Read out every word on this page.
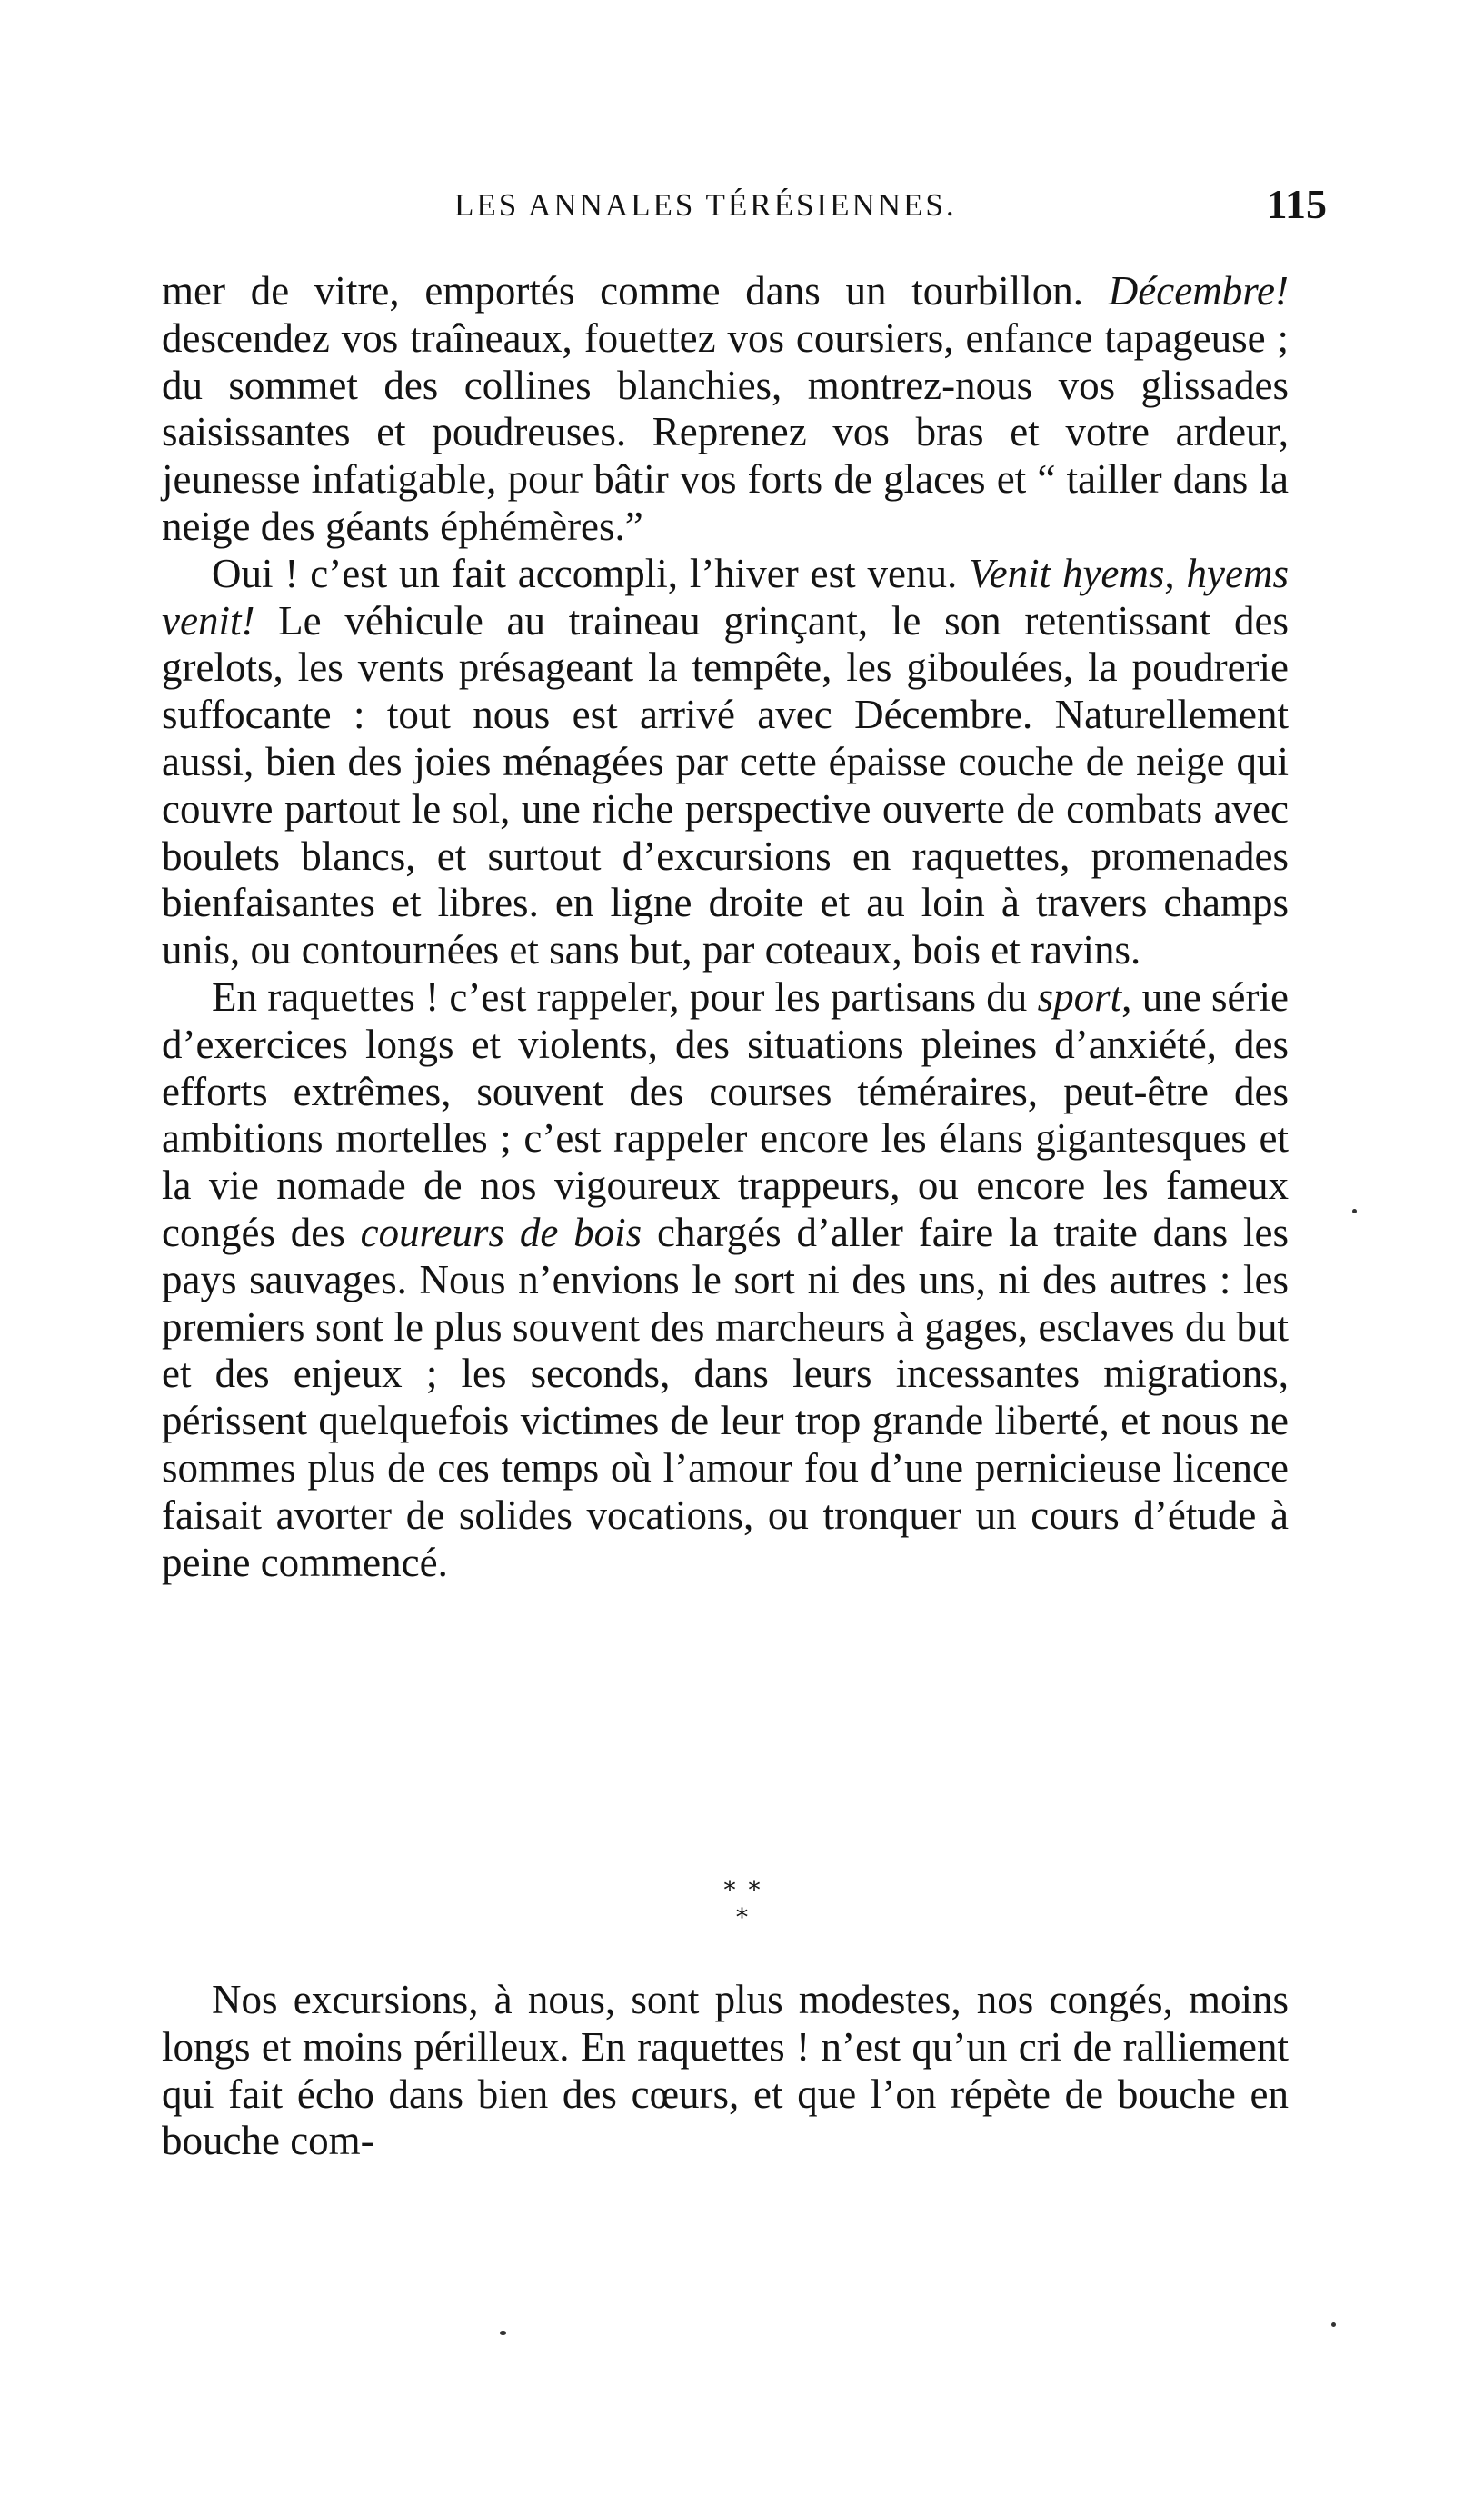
LES ANNALES TÉRÉSIENNES.	115

mer de vitre, emportés comme dans un tourbillon. Décembre! descendez vos traîneaux, fouettez vos coursiers, enfance tapageuse ; du sommet des collines blanchies, montrez-nous vos glissades saisissantes et poudreuses. Reprenez vos bras et votre ardeur, jeunesse infatigable, pour bâtir vos forts de glaces et “ tailler dans la neige des géants éphémères.”

Oui ! c’est un fait accompli, l’hiver est venu. Venit hyems, hyems venit! Le véhicule au traineau grinçant, le son retentissant des grelots, les vents présageant la tempête, les giboulées, la poudrerie suffocante : tout nous est arrivé avec Décembre. Naturellement aussi, bien des joies ménagées par cette épaisse couche de neige qui couvre partout le sol, une riche perspective ouverte de combats avec boulets blancs, et surtout d’excursions en raquettes, promenades bienfaisantes et libres. en ligne droite et au loin à travers champs unis, ou contournées et sans but, par coteaux, bois et ravins.

En raquettes ! c’est rappeler, pour les partisans du sport, une série d’exercices longs et violents, des situations pleines d’anxiété, des efforts extrêmes, souvent des courses téméraires, peut-être des ambitions mortelles ; c’est rappeler encore les élans gigantesques et la vie nomade de nos vigoureux trappeurs, ou encore les fameux congés des coureurs de bois chargés d’aller faire la traite dans les pays sauvages. Nous n’envions le sort ni des uns, ni des autres : les premiers sont le plus souvent des marcheurs à gages, esclaves du but et des enjeux ; les seconds, dans leurs incessantes migrations, périssent quelquefois victimes de leur trop grande liberté, et nous ne sommes plus de ces temps où l’amour fou d’une pernicieuse licence faisait avorter de solides vocations, ou tronquer un cours d’étude à peine commencé.

**
*

Nos excursions, à nous, sont plus modestes, nos congés, moins longs et moins périlleux. En raquettes ! n’est qu’un cri de ralliement qui fait écho dans bien des cœurs, et que l’on répète de bouche en bouche com-
